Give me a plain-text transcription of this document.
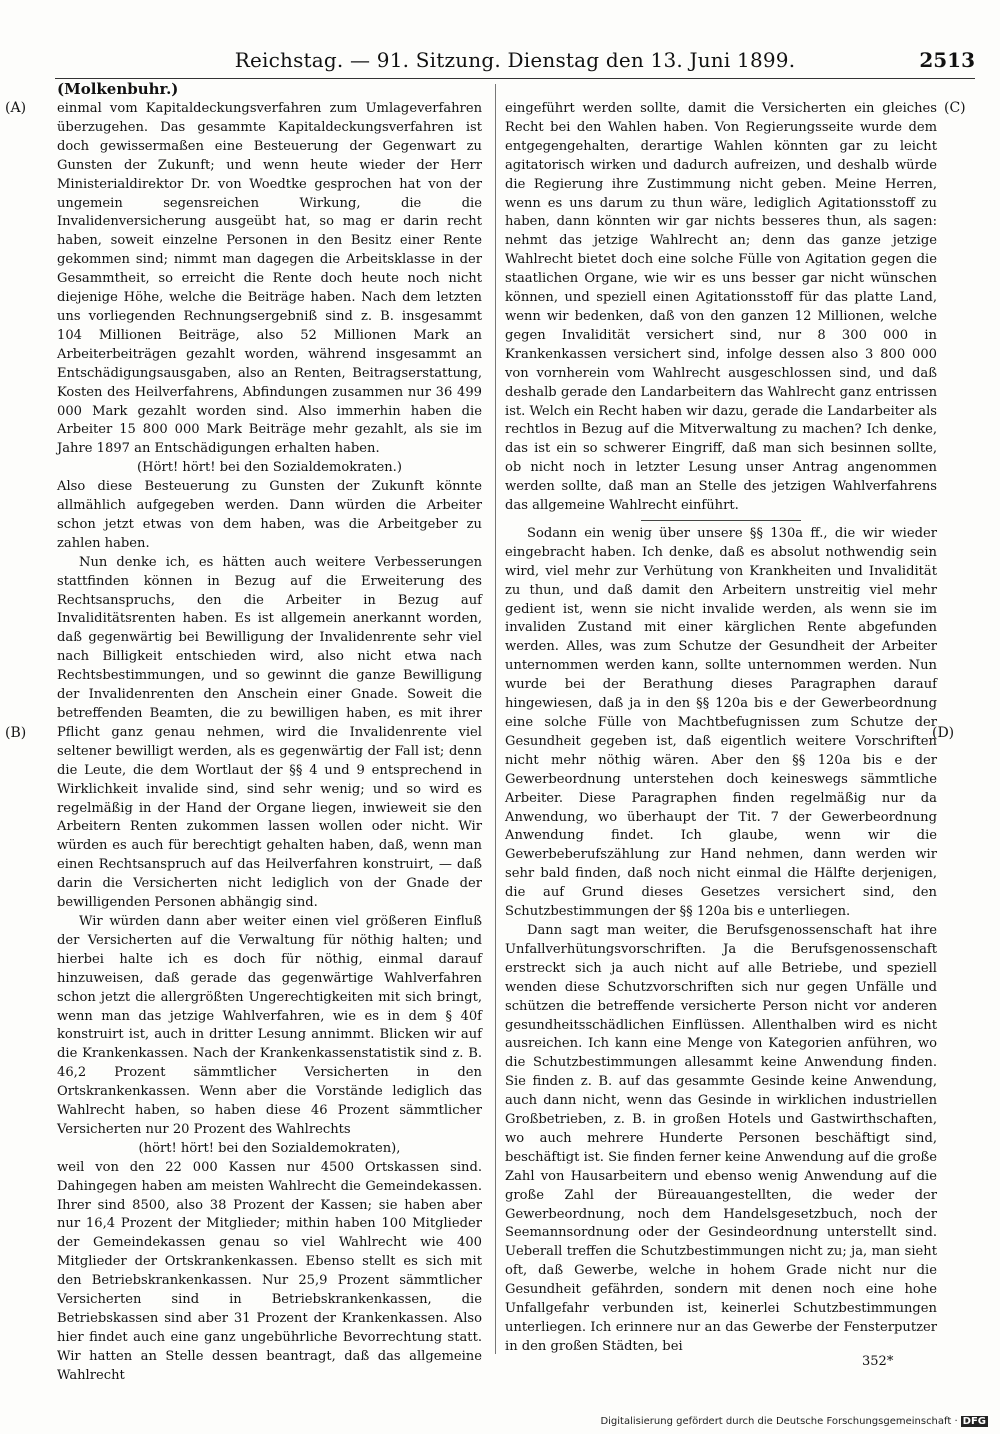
Reichstag. — 91. Sitzung. Dienstag den 13. Juni 1899.	2513
(Molkenbuhr.)
(A)
(B)
(C)
(D)

einmal vom Kapitaldeckungsverfahren zum Umlageverfahren überzugehen. Das gesammte Kapitaldeckungsverfahren ist doch gewissermaßen eine Besteuerung der Gegenwart zu Gunsten der Zukunft; und wenn heute wieder der Herr Ministerialdirektor Dr. von Woedtke gesprochen hat von der ungemein segensreichen Wirkung, die die Invalidenversicherung ausgeübt hat, so mag er darin recht haben, soweit einzelne Personen in den Besitz einer Rente gekommen sind; nimmt man dagegen die Arbeitsklasse in der Gesammtheit, so erreicht die Rente doch heute noch nicht diejenige Höhe, welche die Beiträge haben. Nach dem letzten uns vorliegenden Rechnungsergebniß sind z. B. insgesammt 104 Millionen Beiträge, also 52 Millionen Mark an Arbeiterbeiträgen gezahlt worden, während insgesammt an Entschädigungsausgaben, also an Renten, Beitragserstattung, Kosten des Heilverfahrens, Abfindungen zusammen nur 36 499 000 Mark gezahlt worden sind. Also immerhin haben die Arbeiter 15 800 000 Mark Beiträge mehr gezahlt, als sie im Jahre 1897 an Entschädigungen erhalten haben.

(Hört! hört! bei den Sozialdemokraten.)

Also diese Besteuerung zu Gunsten der Zukunft könnte allmählich aufgegeben werden. Dann würden die Arbeiter schon jetzt etwas von dem haben, was die Arbeitgeber zu zahlen haben.

Nun denke ich, es hätten auch weitere Verbesserungen stattfinden können in Bezug auf die Erweiterung des Rechtsanspruchs, den die Arbeiter in Bezug auf Invaliditätsrenten haben. Es ist allgemein anerkannt worden, daß gegenwärtig bei Bewilligung der Invalidenrente sehr viel nach Billigkeit entschieden wird, also nicht etwa nach Rechtsbestimmungen, und so gewinnt die ganze Bewilligung der Invalidenrenten den Anschein einer Gnade. Soweit die betreffenden Beamten, die zu bewilligen haben, es mit ihrer Pflicht ganz genau nehmen, wird die Invalidenrente viel seltener bewilligt werden, als es gegenwärtig der Fall ist; denn die Leute, die dem Wortlaut der §§ 4 und 9 entsprechend in Wirklichkeit invalide sind, sind sehr wenig; und so wird es regelmäßig in der Hand der Organe liegen, inwieweit sie den Arbeitern Renten zukommen lassen wollen oder nicht. Wir würden es auch für berechtigt gehalten haben, daß, wenn man einen Rechtsanspruch auf das Heilverfahren konstruirt, — daß darin die Versicherten nicht lediglich von der Gnade der bewilligenden Personen abhängig sind.

Wir würden dann aber weiter einen viel größeren Einfluß der Versicherten auf die Verwaltung für nöthig halten; und hierbei halte ich es doch für nöthig, einmal darauf hinzuweisen, daß gerade das gegenwärtige Wahlverfahren schon jetzt die allergrößten Ungerechtigkeiten mit sich bringt, wenn man das jetzige Wahlverfahren, wie es in dem § 40f konstruirt ist, auch in dritter Lesung annimmt. Blicken wir auf die Krankenkassen. Nach der Krankenkassenstatistik sind z. B. 46,2 Prozent sämmtlicher Versicherten in den Ortskrankenkassen. Wenn aber die Vorstände lediglich das Wahlrecht haben, so haben diese 46 Prozent sämmtlicher Versicherten nur 20 Prozent des Wahlrechts

(hört! hört! bei den Sozialdemokraten),

weil von den 22 000 Kassen nur 4500 Ortskassen sind. Dahingegen haben am meisten Wahlrecht die Gemeindekassen. Ihrer sind 8500, also 38 Prozent der Kassen; sie haben aber nur 16,4 Prozent der Mitglieder; mithin haben 100 Mitglieder der Gemeindekassen genau so viel Wahlrecht wie 400 Mitglieder der Ortskrankenkassen. Ebenso stellt es sich mit den Betriebskrankenkassen. Nur 25,9 Prozent sämmtlicher Versicherten sind in Betriebskrankenkassen, die Betriebskassen sind aber 31 Prozent der Krankenkassen. Also hier findet auch eine ganz ungebührliche Bevorrechtung statt. Wir hatten an Stelle dessen beantragt, daß das allgemeine Wahlrecht

eingeführt werden sollte, damit die Versicherten ein gleiches Recht bei den Wahlen haben. Von Regierungsseite wurde dem entgegengehalten, derartige Wahlen könnten gar zu leicht agitatorisch wirken und dadurch aufreizen, und deshalb würde die Regierung ihre Zustimmung nicht geben. Meine Herren, wenn es uns darum zu thun wäre, lediglich Agitationsstoff zu haben, dann könnten wir gar nichts besseres thun, als sagen: nehmt das jetzige Wahlrecht an; denn das ganze jetzige Wahlrecht bietet doch eine solche Fülle von Agitation gegen die staatlichen Organe, wie wir es uns besser gar nicht wünschen können, und speziell einen Agitationsstoff für das platte Land, wenn wir bedenken, daß von den ganzen 12 Millionen, welche gegen Invalidität versichert sind, nur 8 300 000 in Krankenkassen versichert sind, infolge dessen also 3 800 000 von vornherein vom Wahlrecht ausgeschlossen sind, und daß deshalb gerade den Landarbeitern das Wahlrecht ganz entrissen ist. Welch ein Recht haben wir dazu, gerade die Landarbeiter als rechtlos in Bezug auf die Mitverwaltung zu machen? Ich denke, das ist ein so schwerer Eingriff, daß man sich besinnen sollte, ob nicht noch in letzter Lesung unser Antrag angenommen werden sollte, daß man an Stelle des jetzigen Wahlverfahrens das allgemeine Wahlrecht einführt.

Sodann ein wenig über unsere §§ 130a ff., die wir wieder eingebracht haben. Ich denke, daß es absolut nothwendig sein wird, viel mehr zur Verhütung von Krankheiten und Invalidität zu thun, und daß damit den Arbeitern unstreitig viel mehr gedient ist, wenn sie nicht invalide werden, als wenn sie im invaliden Zustand mit einer kärglichen Rente abgefunden werden. Alles, was zum Schutze der Gesundheit der Arbeiter unternommen werden kann, sollte unternommen werden. Nun wurde bei der Berathung dieses Paragraphen darauf hingewiesen, daß ja in den §§ 120a bis e der Gewerbeordnung eine solche Fülle von Machtbefugnissen zum Schutze der Gesundheit gegeben ist, daß eigentlich weitere Vorschriften nicht mehr nöthig wären. Aber den §§ 120a bis e der Gewerbeordnung unterstehen doch keineswegs sämmtliche Arbeiter. Diese Paragraphen finden regelmäßig nur da Anwendung, wo überhaupt der Tit. 7 der Gewerbeordnung Anwendung findet. Ich glaube, wenn wir die Gewerbeberufszählung zur Hand nehmen, dann werden wir sehr bald finden, daß noch nicht einmal die Hälfte derjenigen, die auf Grund dieses Gesetzes versichert sind, den Schutzbestimmungen der §§ 120a bis e unterliegen.

Dann sagt man weiter, die Berufsgenossenschaft hat ihre Unfallverhütungsvorschriften. Ja die Berufsgenossenschaft erstreckt sich ja auch nicht auf alle Betriebe, und speziell wenden diese Schutzvorschriften sich nur gegen Unfälle und schützen die betreffende versicherte Person nicht vor anderen gesundheitsschädlichen Einflüssen. Allenthalben wird es nicht ausreichen. Ich kann eine Menge von Kategorien anführen, wo die Schutzbestimmungen allesammt keine Anwendung finden. Sie finden z. B. auf das gesammte Gesinde keine Anwendung, auch dann nicht, wenn das Gesinde in wirklichen industriellen Großbetrieben, z. B. in großen Hotels und Gastwirthschaften, wo auch mehrere Hunderte Personen beschäftigt sind, beschäftigt ist. Sie finden ferner keine Anwendung auf die große Zahl von Hausarbeitern und ebenso wenig Anwendung auf die große Zahl der Büreauangestellten, die weder der Gewerbeordnung, noch dem Handelsgesetzbuch, noch der Seemannsordnung oder der Gesindeordnung unterstellt sind. Ueberall treffen die Schutzbestimmungen nicht zu; ja, man sieht oft, daß Gewerbe, welche in hohem Grade nicht nur die Gesundheit gefährden, sondern mit denen noch eine hohe Unfallgefahr verbunden ist, keinerlei Schutzbestimmungen unterliegen. Ich erinnere nur an das Gewerbe der Fensterputzer in den großen Städten, bei

352*
Digitalisierung gefördert durch die Deutsche Forschungsgemeinschaft · DFG
